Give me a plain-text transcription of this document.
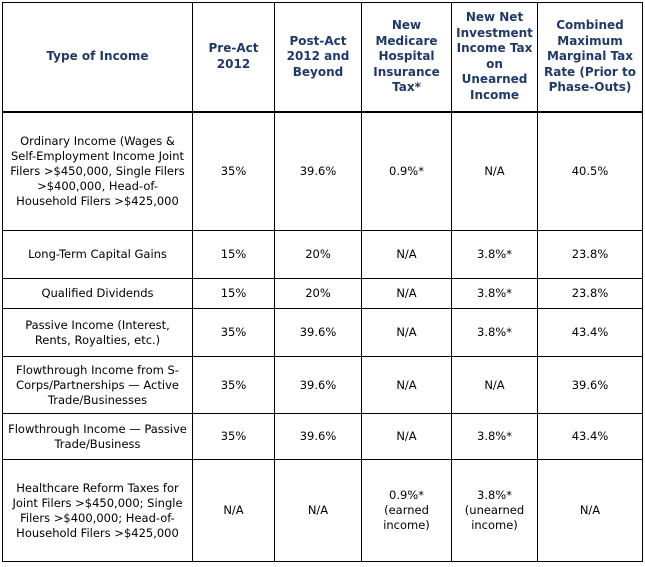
Type of Income	Pre-Act 2012	Post-Act 2012 and Beyond	New Medicare Hospital Insurance Tax*	New Net Investment Income Tax on Unearned Income	Combined Maximum Marginal Tax Rate (Prior to Phase-Outs)
Ordinary Income (Wages & Self-Employment Income Joint Filers >$450,000, Single Filers >$400,000, Head-of-Household Filers >$425,000	35%	39.6%	0.9%*	N/A	40.5%
Long-Term Capital Gains	15%	20%	N/A	3.8%*	23.8%
Qualified Dividends	15%	20%	N/A	3.8%*	23.8%
Passive Income (Interest, Rents, Royalties, etc.)	35%	39.6%	N/A	3.8%*	43.4%
Flowthrough Income from S-Corps/Partnerships — Active Trade/Businesses	35%	39.6%	N/A	N/A	39.6%
Flowthrough Income — Passive Trade/Business	35%	39.6%	N/A	3.8%*	43.4%
Healthcare Reform Taxes for Joint Filers >$450,000; Single Filers >$400,000; Head-of-Household Filers >$425,000	N/A	N/A	0.9%* (earned income)	3.8%* (unearned income)	N/A
